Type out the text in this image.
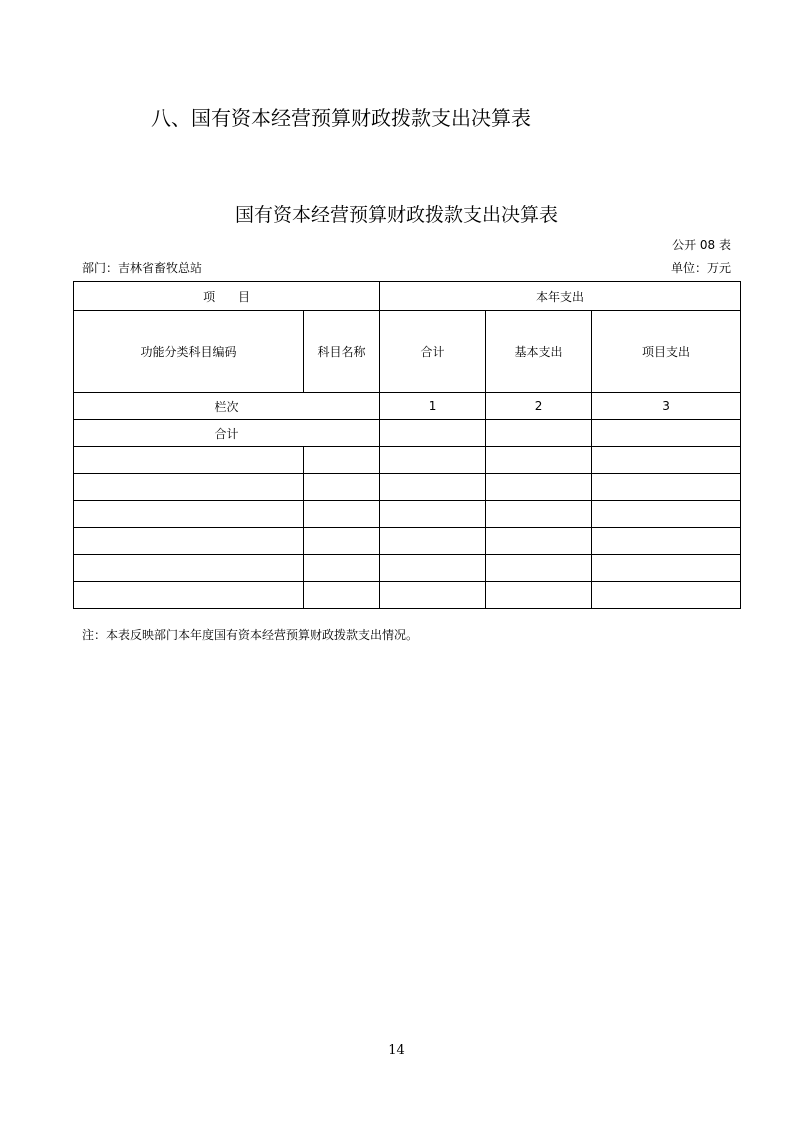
八、国有资本经营预算财政拨款支出决算表
国有资本经营预算财政拨款支出决算表
公开 08 表
部门：吉林省畜牧总站	单位：万元
项      目		本年支出		
功能分类科目编码	科目名称	合计	基本支出	项目支出
栏次		1	2	3
合计				

注：本表反映部门本年度国有资本经营预算财政拨款支出情况。
14
